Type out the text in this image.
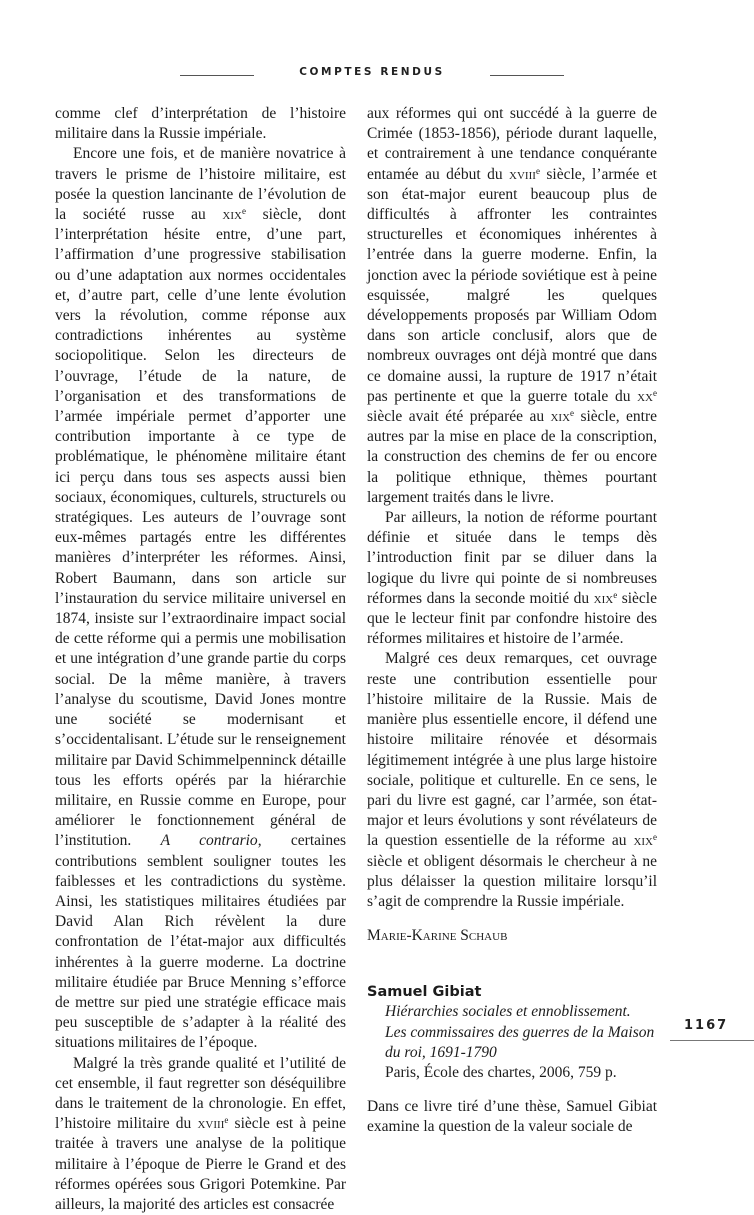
COMPTES RENDUS

comme clef d’interprétation de l’histoire militaire dans la Russie impériale.

Encore une fois, et de manière novatrice à travers le prisme de l’histoire militaire, est posée la question lancinante de l’évolution de la société russe au xix$^e$ siècle, dont l’interprétation hésite entre, d’une part, l’affirmation d’une progressive stabilisation ou d’une adaptation aux normes occidentales et, d’autre part, celle d’une lente évolution vers la révolution, comme réponse aux contradictions inhérentes au système sociopolitique. Selon les directeurs de l’ouvrage, l’étude de la nature, de l’organisation et des transformations de l’armée impériale permet d’apporter une contribution importante à ce type de problématique, le phénomène militaire étant ici perçu dans tous ses aspects aussi bien sociaux, économiques, culturels, structurels ou stratégiques. Les auteurs de l’ouvrage sont eux-mêmes partagés entre les différentes manières d’interpréter les réformes. Ainsi, Robert Baumann, dans son article sur l’instauration du service militaire universel en 1874, insiste sur l’extraordinaire impact social de cette réforme qui a permis une mobilisation et une intégration d’une grande partie du corps social. De la même manière, à travers l’analyse du scoutisme, David Jones montre une société se modernisant et s’occidentalisant. L’étude sur le renseignement militaire par David Schimmelpenninck détaille tous les efforts opérés par la hiérarchie militaire, en Russie comme en Europe, pour améliorer le fonctionnement général de l’institution. A contrario, certaines contributions semblent souligner toutes les faiblesses et les contradictions du système. Ainsi, les statistiques militaires étudiées par David Alan Rich révèlent la dure confrontation de l’état-major aux difficultés inhérentes à la guerre moderne. La doctrine militaire étudiée par Bruce Menning s’efforce de mettre sur pied une stratégie efficace mais peu susceptible de s’adapter à la réalité des situations militaires de l’époque.

Malgré la très grande qualité et l’utilité de cet ensemble, il faut regretter son déséquilibre dans le traitement de la chronologie. En effet, l’histoire militaire du xviii$^e$ siècle est à peine traitée à travers une analyse de la politique militaire à l’époque de Pierre le Grand et des réformes opérées sous Grigori Potemkine. Par ailleurs, la majorité des articles est consacrée

aux réformes qui ont succédé à la guerre de Crimée (1853-1856), période durant laquelle, et contrairement à une tendance conquérante entamée au début du xviii$^e$ siècle, l’armée et son état-major eurent beaucoup plus de difficultés à affronter les contraintes structurelles et économiques inhérentes à l’entrée dans la guerre moderne. Enfin, la jonction avec la période soviétique est à peine esquissée, malgré les quelques développements proposés par William Odom dans son article conclusif, alors que de nombreux ouvrages ont déjà montré que dans ce domaine aussi, la rupture de 1917 n’était pas pertinente et que la guerre totale du $xx^e$ siècle avait été préparée au xix$^e$ siècle, entre autres par la mise en place de la conscription, la construction des chemins de fer ou encore la politique ethnique, thèmes pourtant largement traités dans le livre.

Par ailleurs, la notion de réforme pourtant définie et située dans le temps dès l’introduction finit par se diluer dans la logique du livre qui pointe de si nombreuses réformes dans la seconde moitié du xix$^e$ siècle que le lecteur finit par confondre histoire des réformes militaires et histoire de l’armée.

Malgré ces deux remarques, cet ouvrage reste une contribution essentielle pour l’histoire militaire de la Russie. Mais de manière plus essentielle encore, il défend une histoire militaire rénovée et désormais légitimement intégrée à une plus large histoire sociale, politique et culturelle. En ce sens, le pari du livre est gagné, car l’armée, son état-major et leurs évolutions y sont révélateurs de la question essentielle de la réforme au xix$^e$ siècle et obligent désormais le chercheur à ne plus délaisser la question militaire lorsqu’il s’agit de comprendre la Russie impériale.

Marie-Karine Schaub

Samuel Gibiat
Hiérarchies sociales et ennoblissement.
Les commissaires des guerres de la Maison du roi, 1691-1790
Paris, École des chartes, 2006, 759 p.

Dans ce livre tiré d’une thèse, Samuel Gibiat examine la question de la valeur sociale de

1167
